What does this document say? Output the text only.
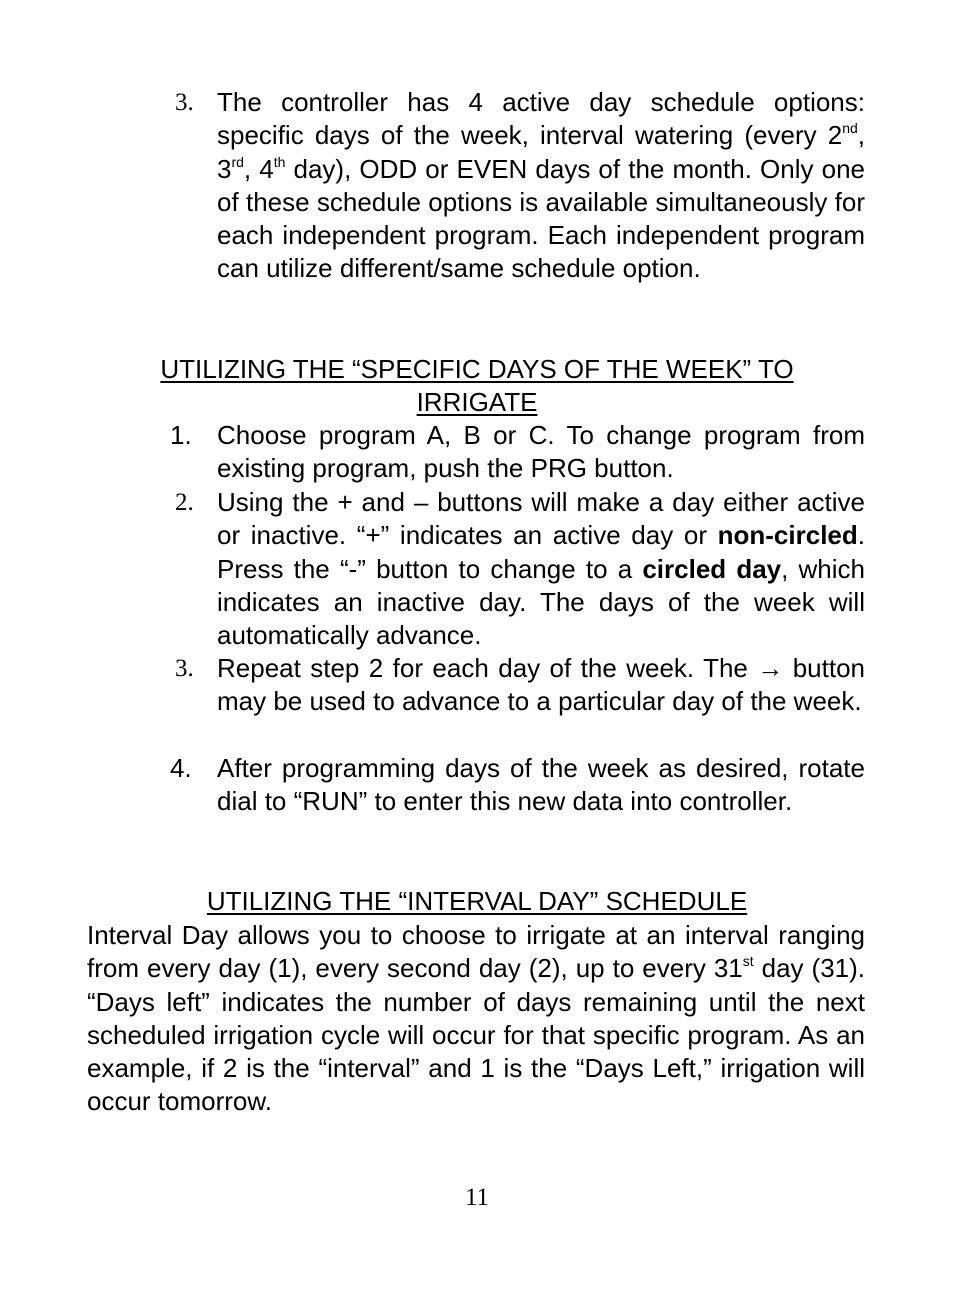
3. The controller has 4 active day schedule options: specific days of the week, interval watering (every 2nd, 3rd, 4th day), ODD or EVEN days of the month. Only one of these schedule options is available simultaneously for each independent program. Each independent program can utilize different/same schedule option.
UTILIZING THE “SPECIFIC DAYS OF THE WEEK” TO
IRRIGATE
1. Choose program A, B or C. To change program from existing program, push the PRG button.
2. Using the + and – buttons will make a day either active or inactive. “+” indicates an active day or non-circled. Press the “-” button to change to a circled day, which indicates an inactive day. The days of the week will automatically advance.
3. Repeat step 2 for each day of the week. The → button may be used to advance to a particular day of the week.
4. After programming days of the week as desired, rotate dial to “RUN” to enter this new data into controller.
UTILIZING THE “INTERVAL DAY” SCHEDULE
Interval Day allows you to choose to irrigate at an interval ranging from every day (1), every second day (2), up to every 31st day (31). “Days left” indicates the number of days remaining until the next scheduled irrigation cycle will occur for that specific program. As an example, if 2 is the “interval” and 1 is the “Days Left,” irrigation will occur tomorrow.
11
